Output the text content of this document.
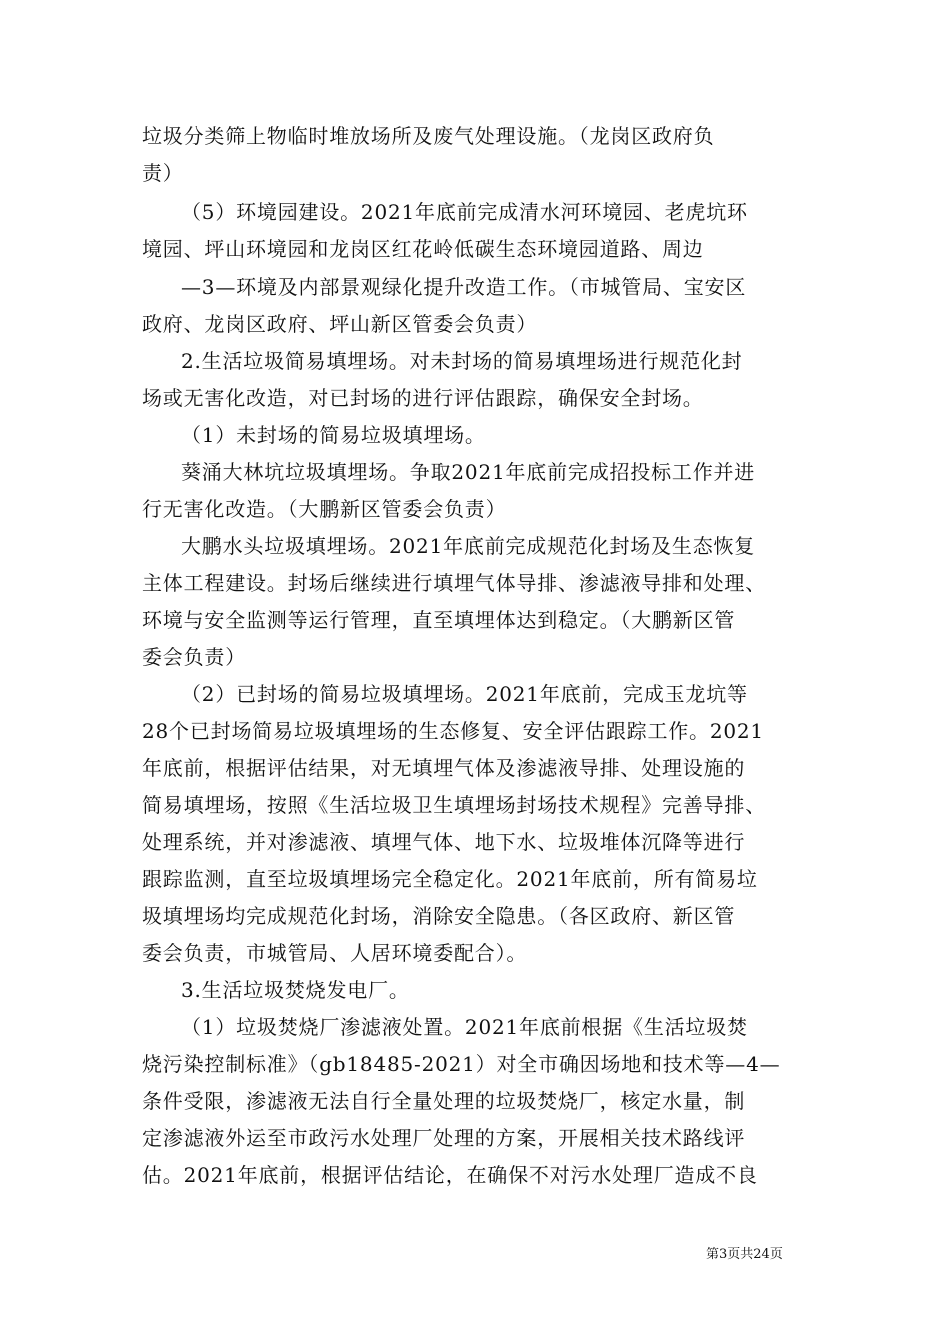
垃圾分类筛上物临时堆放场所及废气处理设施。（龙岗区政府负
责）
（5）环境园建设。2021年底前完成清水河环境园、老虎坑环
境园、坪山环境园和龙岗区红花岭低碳生态环境园道路、周边
—3—环境及内部景观绿化提升改造工作。（市城管局、宝安区
政府、龙岗区政府、坪山新区管委会负责）
2.生活垃圾简易填埋场。对未封场的简易填埋场进行规范化封
场或无害化改造，对已封场的进行评估跟踪，确保安全封场。
（1）未封场的简易垃圾填埋场。
葵涌大林坑垃圾填埋场。争取2021年底前完成招投标工作并进
行无害化改造。（大鹏新区管委会负责）
大鹏水头垃圾填埋场。2021年底前完成规范化封场及生态恢复
主体工程建设。封场后继续进行填埋气体导排、渗滤液导排和处理、
环境与安全监测等运行管理，直至填埋体达到稳定。（大鹏新区管
委会负责）
（2）已封场的简易垃圾填埋场。2021年底前，完成玉龙坑等
28个已封场简易垃圾填埋场的生态修复、安全评估跟踪工作。2021
年底前，根据评估结果，对无填埋气体及渗滤液导排、处理设施的
简易填埋场，按照《生活垃圾卫生填埋场封场技术规程》完善导排、
处理系统，并对渗滤液、填埋气体、地下水、垃圾堆体沉降等进行
跟踪监测，直至垃圾填埋场完全稳定化。2021年底前，所有简易垃
圾填埋场均完成规范化封场，消除安全隐患。（各区政府、新区管
委会负责，市城管局、人居环境委配合）。
3.生活垃圾焚烧发电厂。
（1）垃圾焚烧厂渗滤液处置。2021年底前根据《生活垃圾焚
烧污染控制标准》（gb18485-2021）对全市确因场地和技术等—4—
条件受限，渗滤液无法自行全量处理的垃圾焚烧厂，核定水量，制
定渗滤液外运至市政污水处理厂处理的方案，开展相关技术路线评
估。2021年底前，根据评估结论，在确保不对污水处理厂造成不良
第3页共24页
